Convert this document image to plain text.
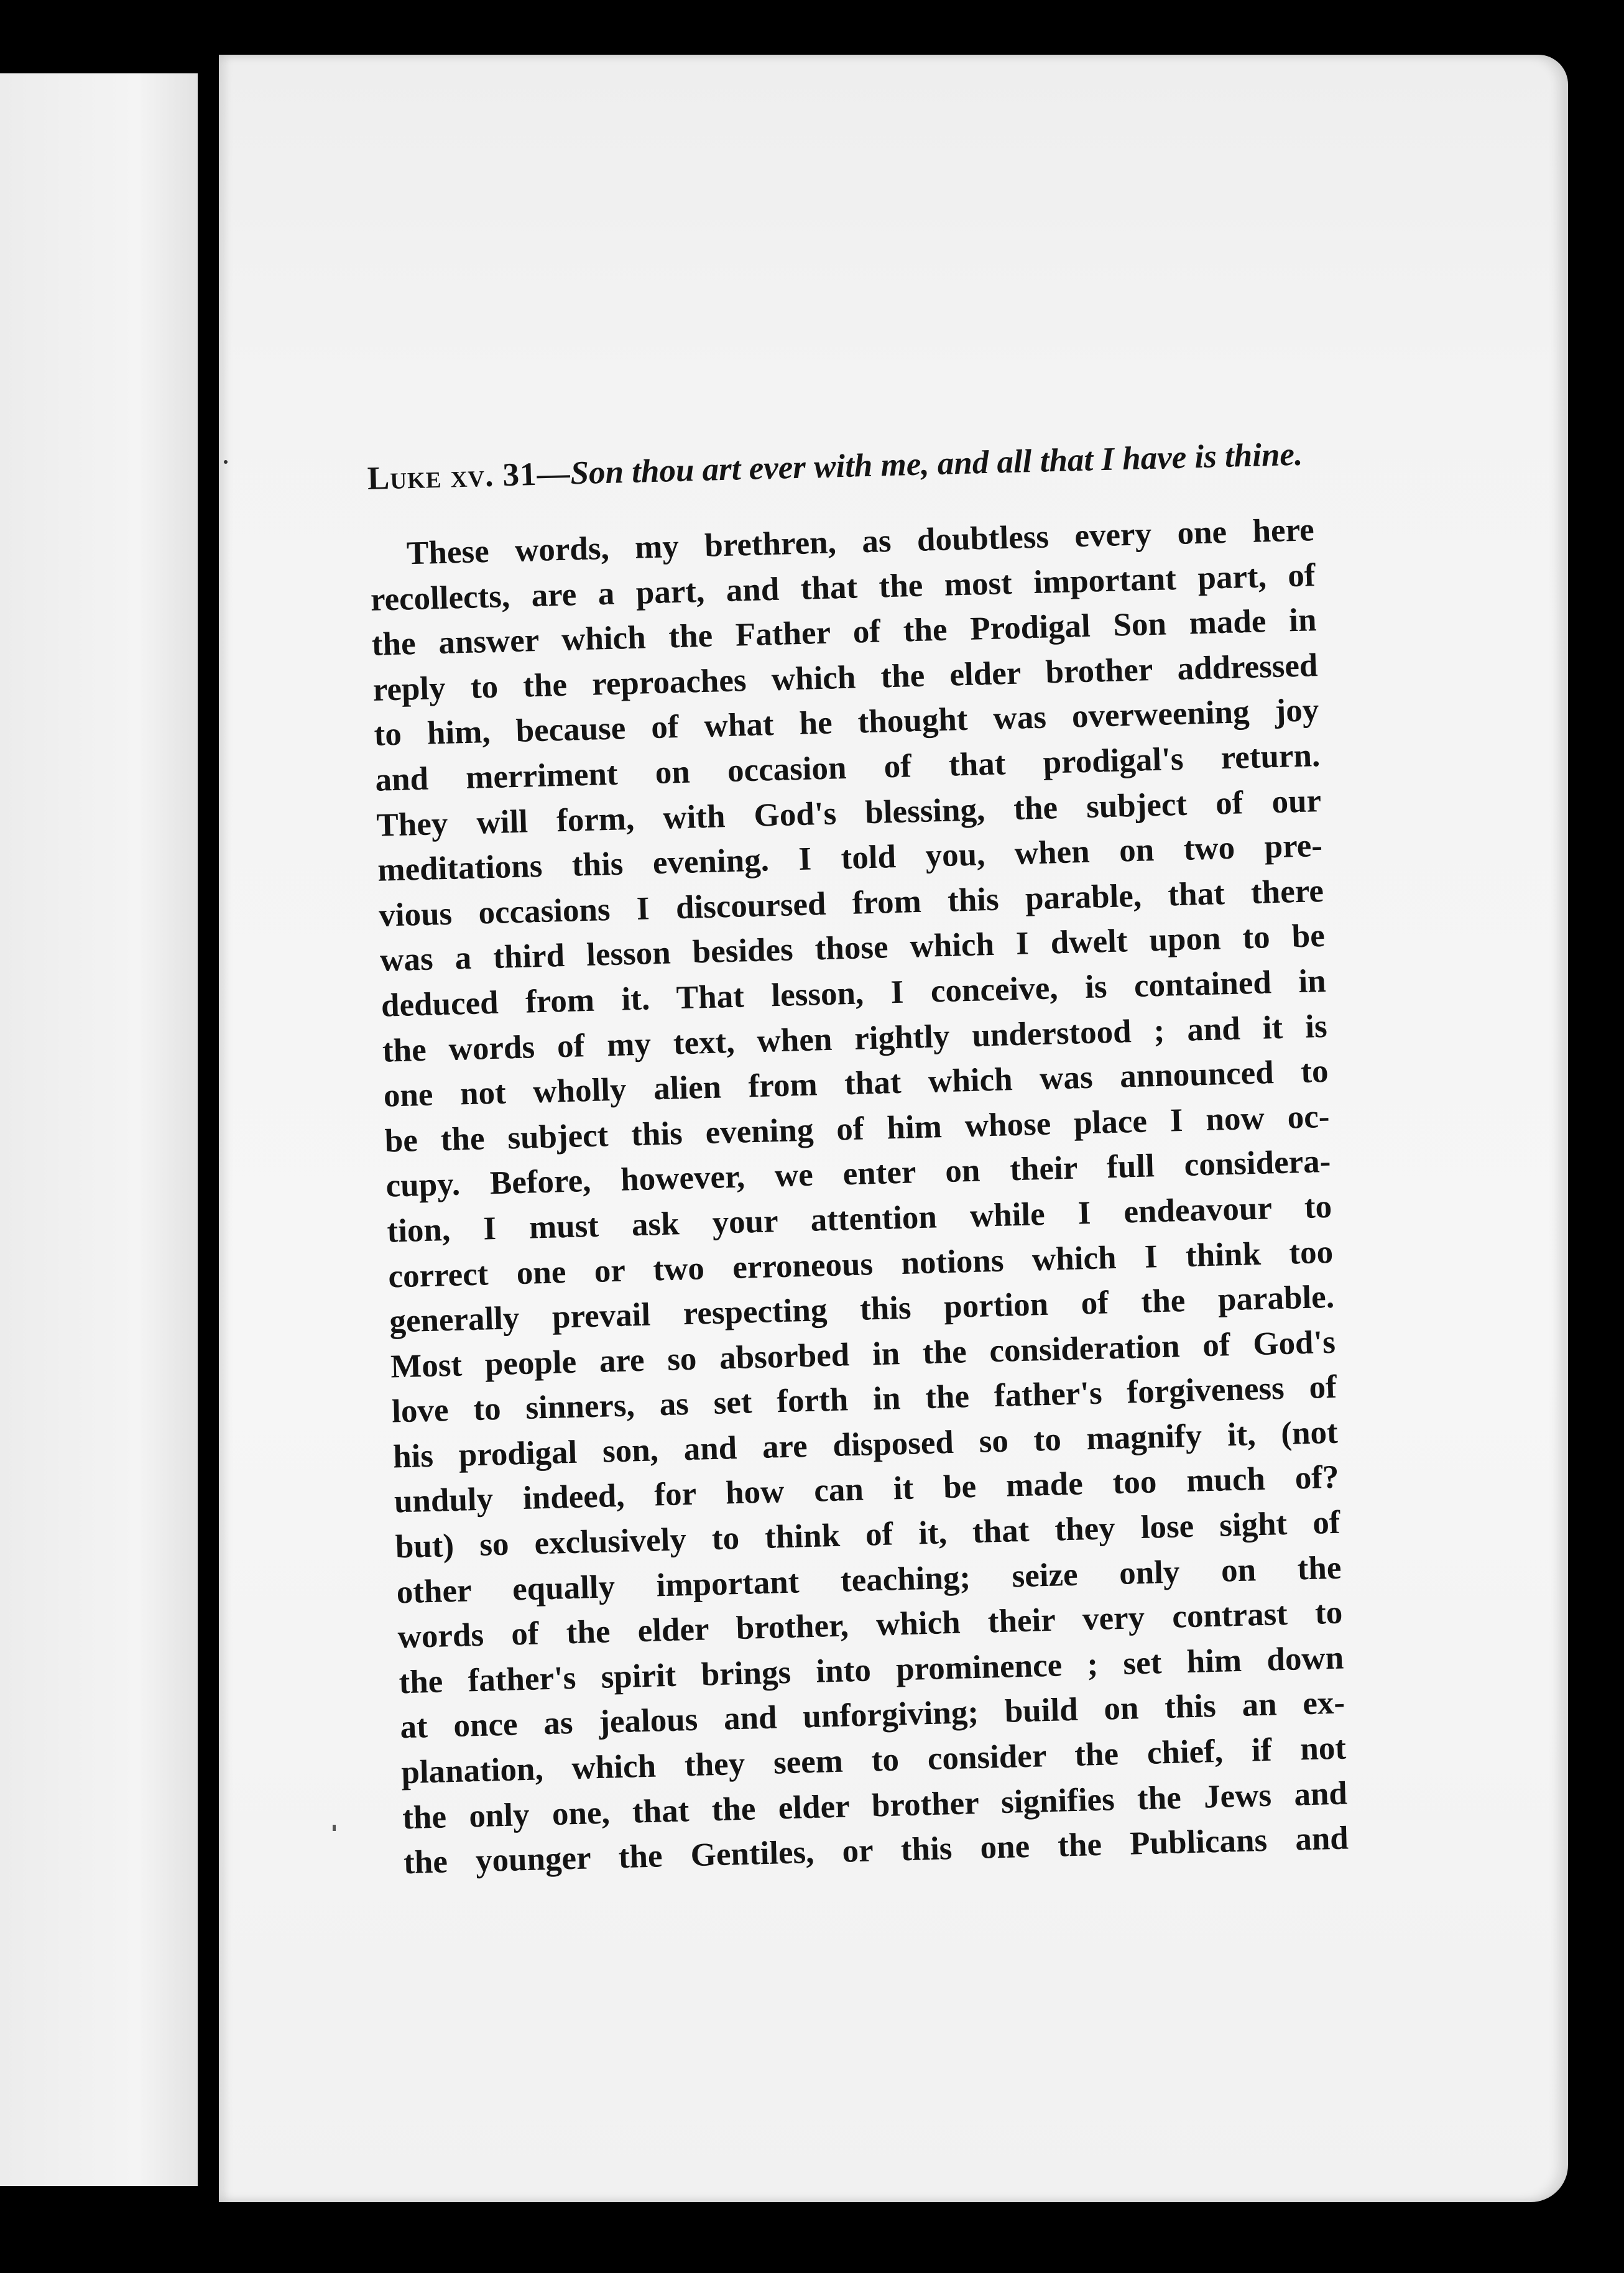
Luke xv. 31—Son thou art ever with me, and all that I have is thine.

These words, my brethren, as doubtless every one here
recollects, are a part, and that the most important part, of
the answer which the Father of the Prodigal Son made in
reply to the reproaches which the elder brother addressed
to him, because of what he thought was overweening joy
and merriment on occasion of that prodigal's return.
They will form, with God's blessing, the subject of our
meditations this evening. I told you, when on two pre-
vious occasions I discoursed from this parable, that there
was a third lesson besides those which I dwelt upon to be
deduced from it. That lesson, I conceive, is contained in
the words of my text, when rightly understood ; and it is
one not wholly alien from that which was announced to
be the subject this evening of him whose place I now oc-
cupy. Before, however, we enter on their full considera-
tion, I must ask your attention while I endeavour to
correct one or two erroneous notions which I think too
generally prevail respecting this portion of the parable.
Most people are so absorbed in the consideration of God's
love to sinners, as set forth in the father's forgiveness of
his prodigal son, and are disposed so to magnify it, (not
unduly indeed, for how can it be made too much of?
but) so exclusively to think of it, that they lose sight of
other equally important teaching; seize only on the
words of the elder brother, which their very contrast to
the father's spirit brings into prominence ; set him down
at once as jealous and unforgiving; build on this an ex-
planation, which they seem to consider the chief, if not
the only one, that the elder brother signifies the Jews and
the younger the Gentiles, or this one the Publicans and
